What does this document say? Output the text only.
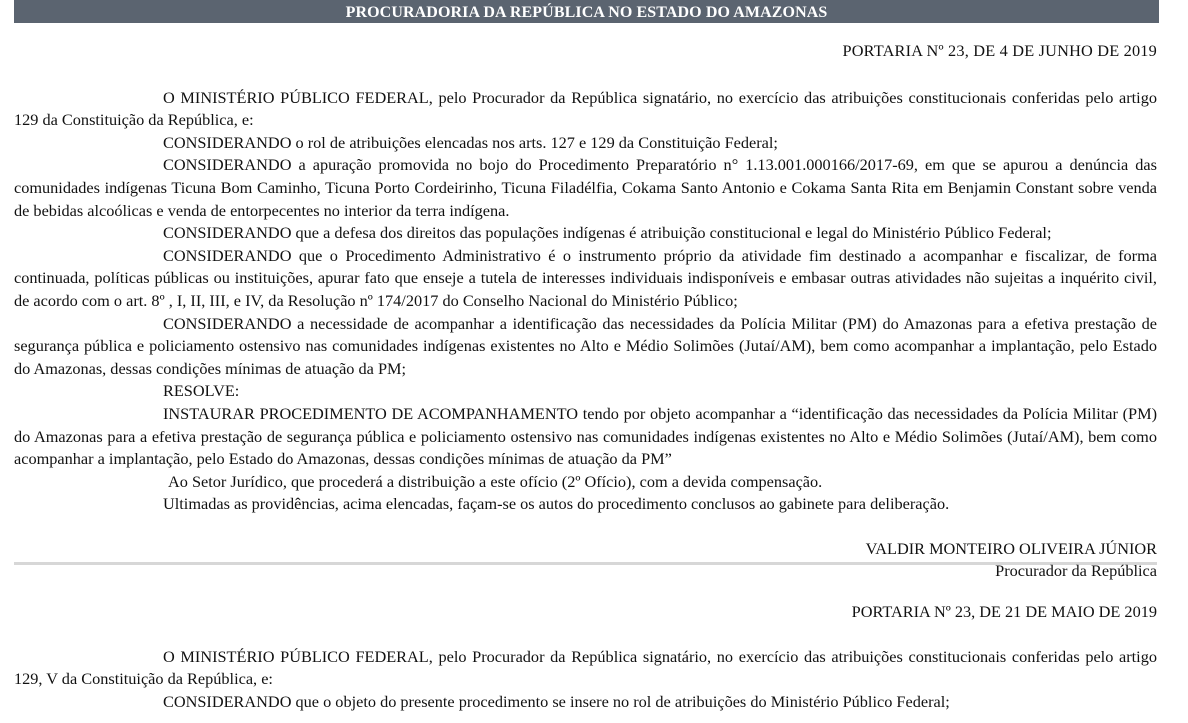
PROCURADORIA DA REPÚBLICA NO ESTADO DO AMAZONAS
PORTARIA Nº 23, DE 4 DE JUNHO DE 2019

O MINISTÉRIO PÚBLICO FEDERAL, pelo Procurador da República signatário, no exercício das atribuições constitucionais conferidas pelo artigo 129 da Constituição da República, e:

CONSIDERANDO o rol de atribuições elencadas nos arts. 127 e 129 da Constituição Federal;

CONSIDERANDO a apuração promovida no bojo do Procedimento Preparatório n° 1.13.001.000166/2017-69, em que se apurou a denúncia das comunidades indígenas Ticuna Bom Caminho, Ticuna Porto Cordeirinho, Ticuna Filadélfia, Cokama Santo Antonio e Cokama Santa Rita em Benjamin Constant sobre venda de bebidas alcoólicas e venda de entorpecentes no interior da terra indígena.

CONSIDERANDO que a defesa dos direitos das populações indígenas é atribuição constitucional e legal do Ministério Público Federal;

CONSIDERANDO que o Procedimento Administrativo é o instrumento próprio da atividade fim destinado a acompanhar e fiscalizar, de forma continuada, políticas públicas ou instituições, apurar fato que enseje a tutela de interesses individuais indisponíveis e embasar outras atividades não sujeitas a inquérito civil, de acordo com o art. 8º , I, II, III, e IV, da Resolução nº 174/2017 do Conselho Nacional do Ministério Público;

CONSIDERANDO a necessidade de acompanhar a identificação das necessidades da Polícia Militar (PM) do Amazonas para a efetiva prestação de segurança pública e policiamento ostensivo nas comunidades indígenas existentes no Alto e Médio Solimões (Jutaí/AM), bem como acompanhar a implantação, pelo Estado do Amazonas, dessas condições mínimas de atuação da PM;

RESOLVE:

INSTAURAR PROCEDIMENTO DE ACOMPANHAMENTO tendo por objeto acompanhar a “identificação das necessidades da Polícia Militar (PM) do Amazonas para a efetiva prestação de segurança pública e policiamento ostensivo nas comunidades indígenas existentes no Alto e Médio Solimões (Jutaí/AM), bem como acompanhar a implantação, pelo Estado do Amazonas, dessas condições mínimas de atuação da PM”

Ao Setor Jurídico, que procederá a distribuição a este ofício (2º Ofício), com a devida compensação.

Ultimadas as providências, acima elencadas, façam-se os autos do procedimento conclusos ao gabinete para deliberação.

VALDIR MONTEIRO OLIVEIRA JÚNIOR
Procurador da República
PORTARIA Nº 23, DE 21 DE MAIO DE 2019

O MINISTÉRIO PÚBLICO FEDERAL, pelo Procurador da República signatário, no exercício das atribuições constitucionais conferidas pelo artigo 129, V da Constituição da República, e:

CONSIDERANDO que o objeto do presente procedimento se insere no rol de atribuições do Ministério Público Federal;
